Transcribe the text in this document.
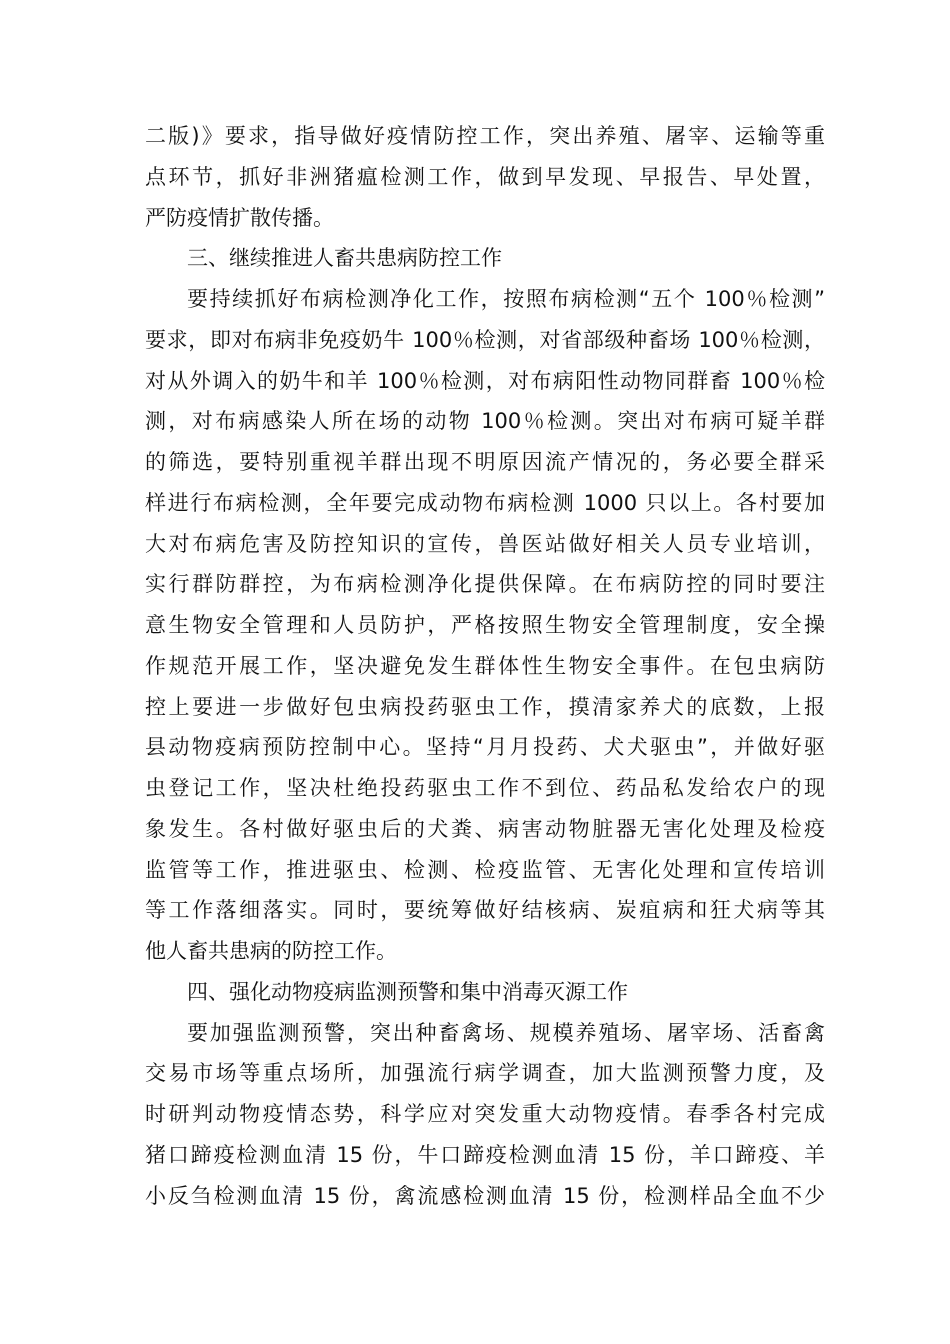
二版)》要求，指导做好疫情防控工作，突出养殖、屠宰、运输等重
点环节，抓好非洲猪瘟检测工作，做到早发现、早报告、早处置，
严防疫情扩散传播。
三、继续推进人畜共患病防控工作
要持续抓好布病检测净化工作，按照布病检测“五个 100％检测”
要求，即对布病非免疫奶牛 100％检测，对省部级种畜场 100％检测，
对从外调入的奶牛和羊 100％检测，对布病阳性动物同群畜 100％检
测，对布病感染人所在场的动物 100％检测。突出对布病可疑羊群
的筛选，要特别重视羊群出现不明原因流产情况的，务必要全群采
样进行布病检测，全年要完成动物布病检测 1000 只以上。各村要加
大对布病危害及防控知识的宣传，兽医站做好相关人员专业培训，
实行群防群控，为布病检测净化提供保障。在布病防控的同时要注
意生物安全管理和人员防护，严格按照生物安全管理制度，安全操
作规范开展工作，坚决避免发生群体性生物安全事件。在包虫病防
控上要进一步做好包虫病投药驱虫工作，摸清家养犬的底数，上报
县动物疫病预防控制中心。坚持“月月投药、犬犬驱虫”，并做好驱
虫登记工作，坚决杜绝投药驱虫工作不到位、药品私发给农户的现
象发生。各村做好驱虫后的犬粪、病害动物脏器无害化处理及检疫
监管等工作，推进驱虫、检测、检疫监管、无害化处理和宣传培训
等工作落细落实。同时，要统筹做好结核病、炭疽病和狂犬病等其
他人畜共患病的防控工作。
四、强化动物疫病监测预警和集中消毒灭源工作
要加强监测预警，突出种畜禽场、规模养殖场、屠宰场、活畜禽
交易市场等重点场所，加强流行病学调查，加大监测预警力度，及
时研判动物疫情态势，科学应对突发重大动物疫情。春季各村完成
猪口蹄疫检测血清 15 份，牛口蹄疫检测血清 15 份，羊口蹄疫、羊
小反刍检测血清 15 份，禽流感检测血清 15 份，检测样品全血不少
